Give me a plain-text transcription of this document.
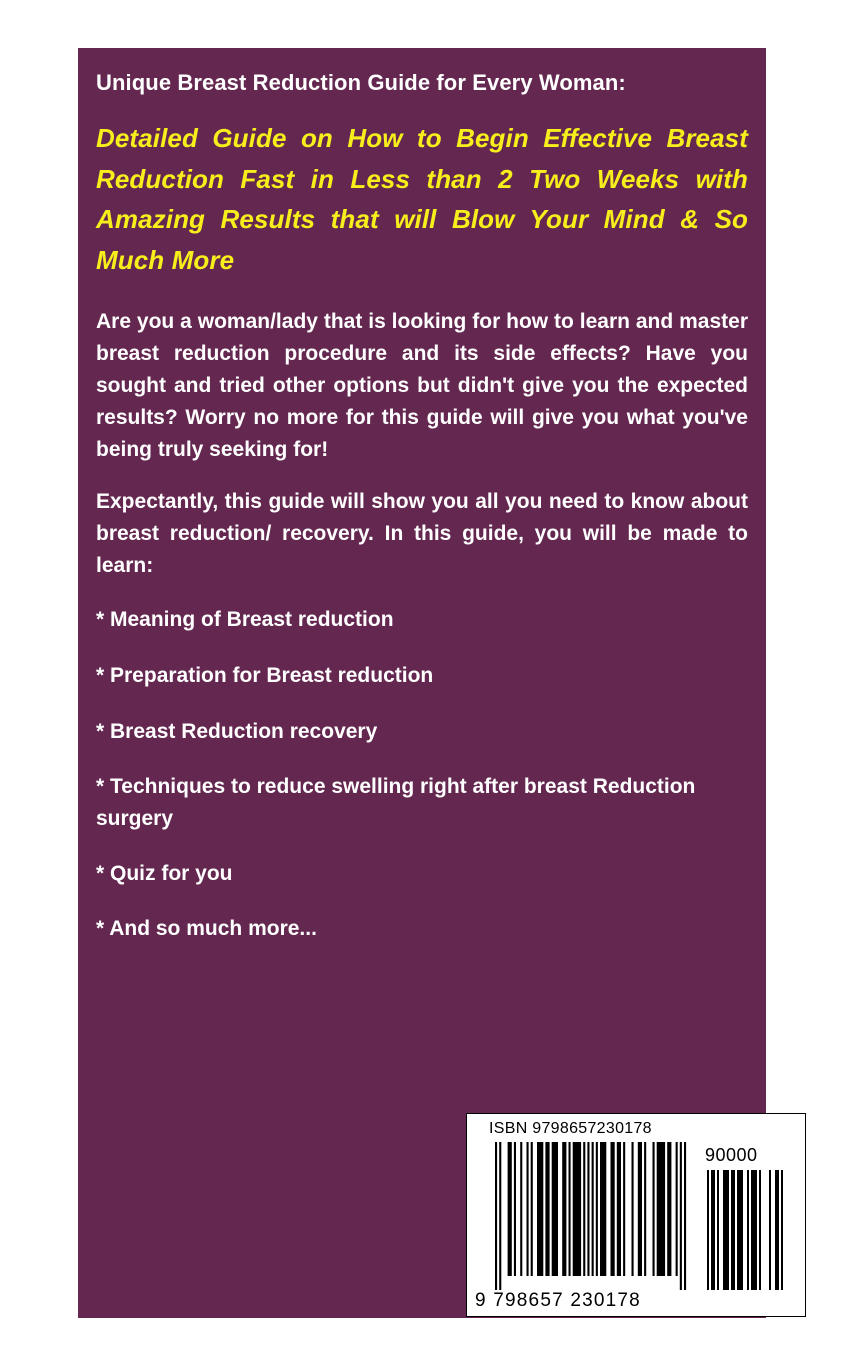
Unique Breast Reduction Guide for Every Woman:
Detailed Guide on How to Begin Effective Breast Reduction Fast in Less than 2 Two Weeks with Amazing Results that will Blow Your Mind & So Much More
Are you a woman/lady that is looking for how to learn and master breast reduction procedure and its side effects? Have you sought and tried other options but didn't give you the expected results? Worry no more for this guide will give you what you've being truly seeking for!
Expectantly, this guide will show you all you need to know about breast reduction/ recovery. In this guide, you will be made to learn:
* Meaning of Breast reduction
* Preparation for Breast reduction
* Breast Reduction recovery
* Techniques to reduce swelling right after breast Reduction surgery
* Quiz for you
* And so much more...
ISBN 9798657230178
90000
9 798657 230178
